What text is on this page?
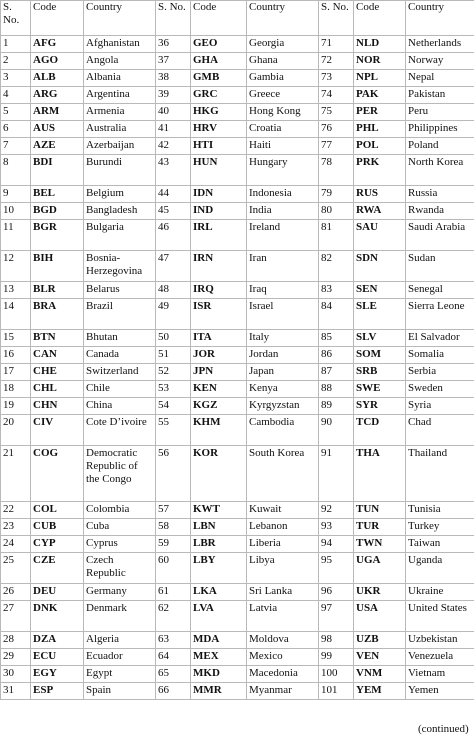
S. No.	Code	Country	S. No.	Code	Country	S. No.	Code	Country
1	AFG	Afghanistan	36	GEO	Georgia	71	NLD	Netherlands
2	AGO	Angola	37	GHA	Ghana	72	NOR	Norway
3	ALB	Albania	38	GMB	Gambia	73	NPL	Nepal
4	ARG	Argentina	39	GRC	Greece	74	PAK	Pakistan
5	ARM	Armenia	40	HKG	Hong Kong	75	PER	Peru
6	AUS	Australia	41	HRV	Croatia	76	PHL	Philippines
7	AZE	Azerbaijan	42	HTI	Haiti	77	POL	Poland
8	BDI	Burundi	43	HUN	Hungary	78	PRK	North Korea
9	BEL	Belgium	44	IDN	Indonesia	79	RUS	Russia
10	BGD	Bangladesh	45	IND	India	80	RWA	Rwanda
11	BGR	Bulgaria	46	IRL	Ireland	81	SAU	Saudi Arabia
12	BIH	Bosnia-Herzegovina	47	IRN	Iran	82	SDN	Sudan
13	BLR	Belarus	48	IRQ	Iraq	83	SEN	Senegal
14	BRA	Brazil	49	ISR	Israel	84	SLE	Sierra Leone
15	BTN	Bhutan	50	ITA	Italy	85	SLV	El Salvador
16	CAN	Canada	51	JOR	Jordan	86	SOM	Somalia
17	CHE	Switzerland	52	JPN	Japan	87	SRB	Serbia
18	CHL	Chile	53	KEN	Kenya	88	SWE	Sweden
19	CHN	China	54	KGZ	Kyrgyzstan	89	SYR	Syria
20	CIV	Cote D’ivoire	55	KHM	Cambodia	90	TCD	Chad
21	COG	Democratic Republic of the Congo	56	KOR	South Korea	91	THA	Thailand
22	COL	Colombia	57	KWT	Kuwait	92	TUN	Tunisia
23	CUB	Cuba	58	LBN	Lebanon	93	TUR	Turkey
24	CYP	Cyprus	59	LBR	Liberia	94	TWN	Taiwan
25	CZE	Czech Republic	60	LBY	Libya	95	UGA	Uganda
26	DEU	Germany	61	LKA	Sri Lanka	96	UKR	Ukraine
27	DNK	Denmark	62	LVA	Latvia	97	USA	United States
28	DZA	Algeria	63	MDA	Moldova	98	UZB	Uzbekistan
29	ECU	Ecuador	64	MEX	Mexico	99	VEN	Venezuela
30	EGY	Egypt	65	MKD	Macedonia	100	VNM	Vietnam
31	ESP	Spain	66	MMR	Myanmar	101	YEM	Yemen
(continued)
